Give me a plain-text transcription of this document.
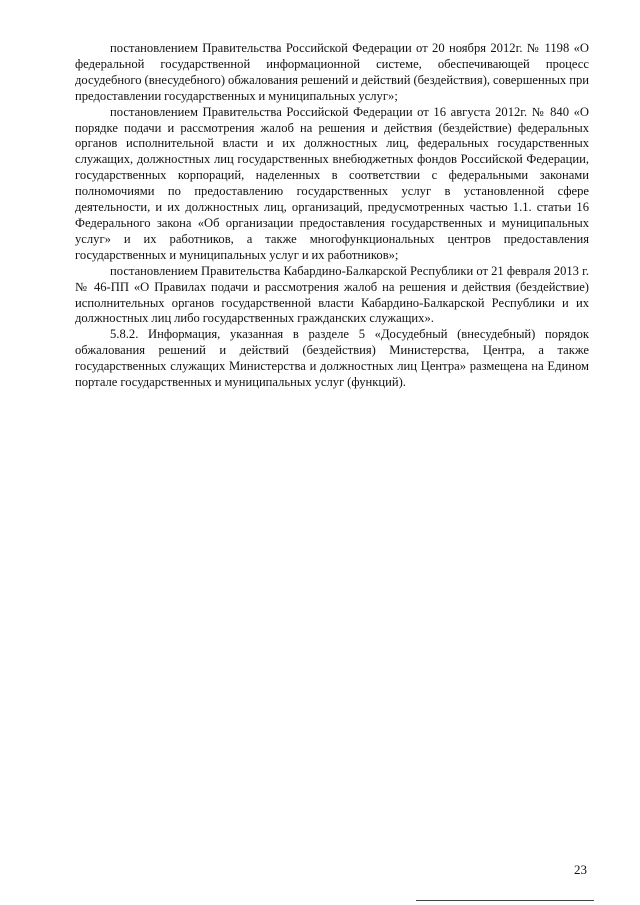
постановлением Правительства Российской Федерации от 20 ноября 2012г. № 1198 «О федеральной государственной информационной системе, обеспечивающей процесс досудебного (внесудебного) обжалования решений и действий (бездействия), совершенных при предоставлении государственных и муниципальных услуг»;

постановлением Правительства Российской Федерации от 16 августа 2012г. № 840 «О порядке подачи и рассмотрения жалоб на решения и действия (бездействие) федеральных органов исполнительной власти и их должностных лиц, федеральных государственных служащих, должностных лиц государственных внебюджетных фондов Российской Федерации, государственных корпораций, наделенных в соответствии с федеральными законами полномочиями по предоставлению государственных услуг в установленной сфере деятельности, и их должностных лиц, организаций, предусмотренных частью 1.1. статьи 16 Федерального закона «Об организации предоставления государственных и муниципальных услуг» и их работников, а также многофункциональных центров предоставления государственных и муниципальных услуг и их работников»;

постановлением Правительства Кабардино-Балкарской Республики от 21 февраля 2013 г. № 46-ПП «О Правилах подачи и рассмотрения жалоб на решения и действия (бездействие) исполнительных органов государственной власти Кабардино-Балкарской Республики и их должностных лиц либо государственных гражданских служащих».

5.8.2. Информация, указанная в разделе 5 «Досудебный (внесудебный) порядок обжалования решений и действий (бездействия) Министерства, Центра, а также государственных служащих Министерства и должностных лиц Центра» размещена на Едином портале государственных и муниципальных услуг (функций).

23
